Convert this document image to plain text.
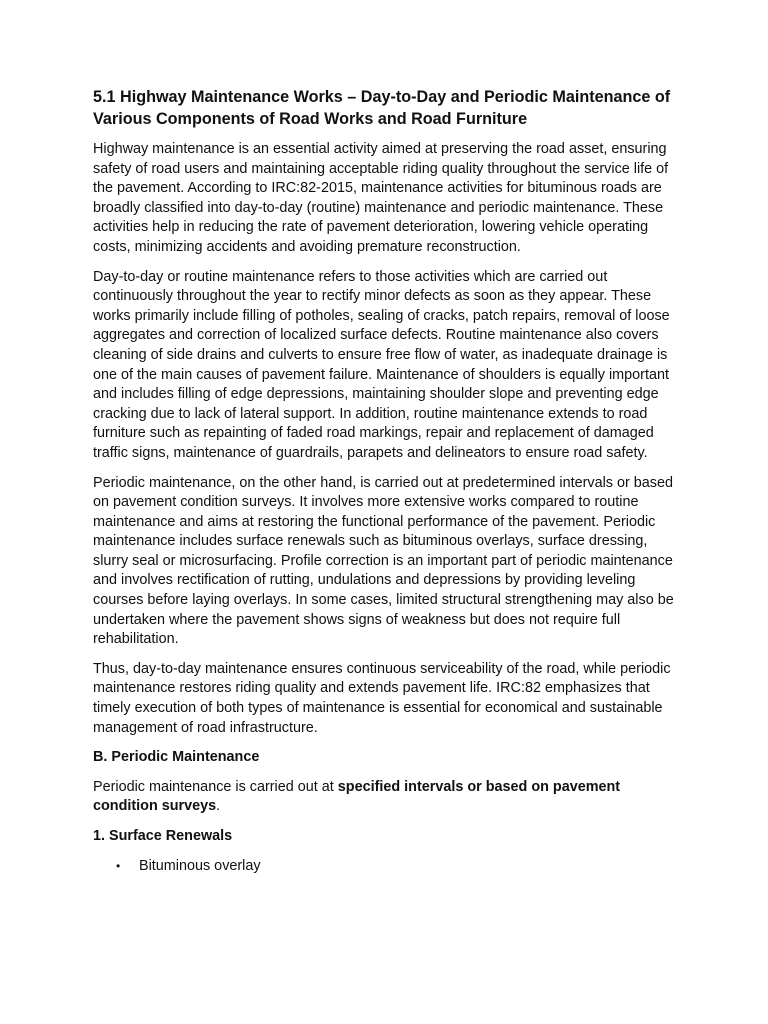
5.1 Highway Maintenance Works – Day-to-Day and Periodic Maintenance of Various Components of Road Works and Road Furniture

Highway maintenance is an essential activity aimed at preserving the road asset, ensuring safety of road users and maintaining acceptable riding quality throughout the service life of the pavement. According to IRC:82-2015, maintenance activities for bituminous roads are broadly classified into day-to-day (routine) maintenance and periodic maintenance. These activities help in reducing the rate of pavement deterioration, lowering vehicle operating costs, minimizing accidents and avoiding premature reconstruction.

Day-to-day or routine maintenance refers to those activities which are carried out continuously throughout the year to rectify minor defects as soon as they appear. These works primarily include filling of potholes, sealing of cracks, patch repairs, removal of loose aggregates and correction of localized surface defects. Routine maintenance also covers cleaning of side drains and culverts to ensure free flow of water, as inadequate drainage is one of the main causes of pavement failure. Maintenance of shoulders is equally important and includes filling of edge depressions, maintaining shoulder slope and preventing edge cracking due to lack of lateral support. In addition, routine maintenance extends to road furniture such as repainting of faded road markings, repair and replacement of damaged traffic signs, maintenance of guardrails, parapets and delineators to ensure road safety.

Periodic maintenance, on the other hand, is carried out at predetermined intervals or based on pavement condition surveys. It involves more extensive works compared to routine maintenance and aims at restoring the functional performance of the pavement. Periodic maintenance includes surface renewals such as bituminous overlays, surface dressing, slurry seal or microsurfacing. Profile correction is an important part of periodic maintenance and involves rectification of rutting, undulations and depressions by providing leveling courses before laying overlays. In some cases, limited structural strengthening may also be undertaken where the pavement shows signs of weakness but does not require full rehabilitation.

Thus, day-to-day maintenance ensures continuous serviceability of the road, while periodic maintenance restores riding quality and extends pavement life. IRC:82 emphasizes that timely execution of both types of maintenance is essential for economical and sustainable management of road infrastructure.

B. Periodic Maintenance

Periodic maintenance is carried out at specified intervals or based on pavement condition surveys.

1. Surface Renewals
• Bituminous overlay
